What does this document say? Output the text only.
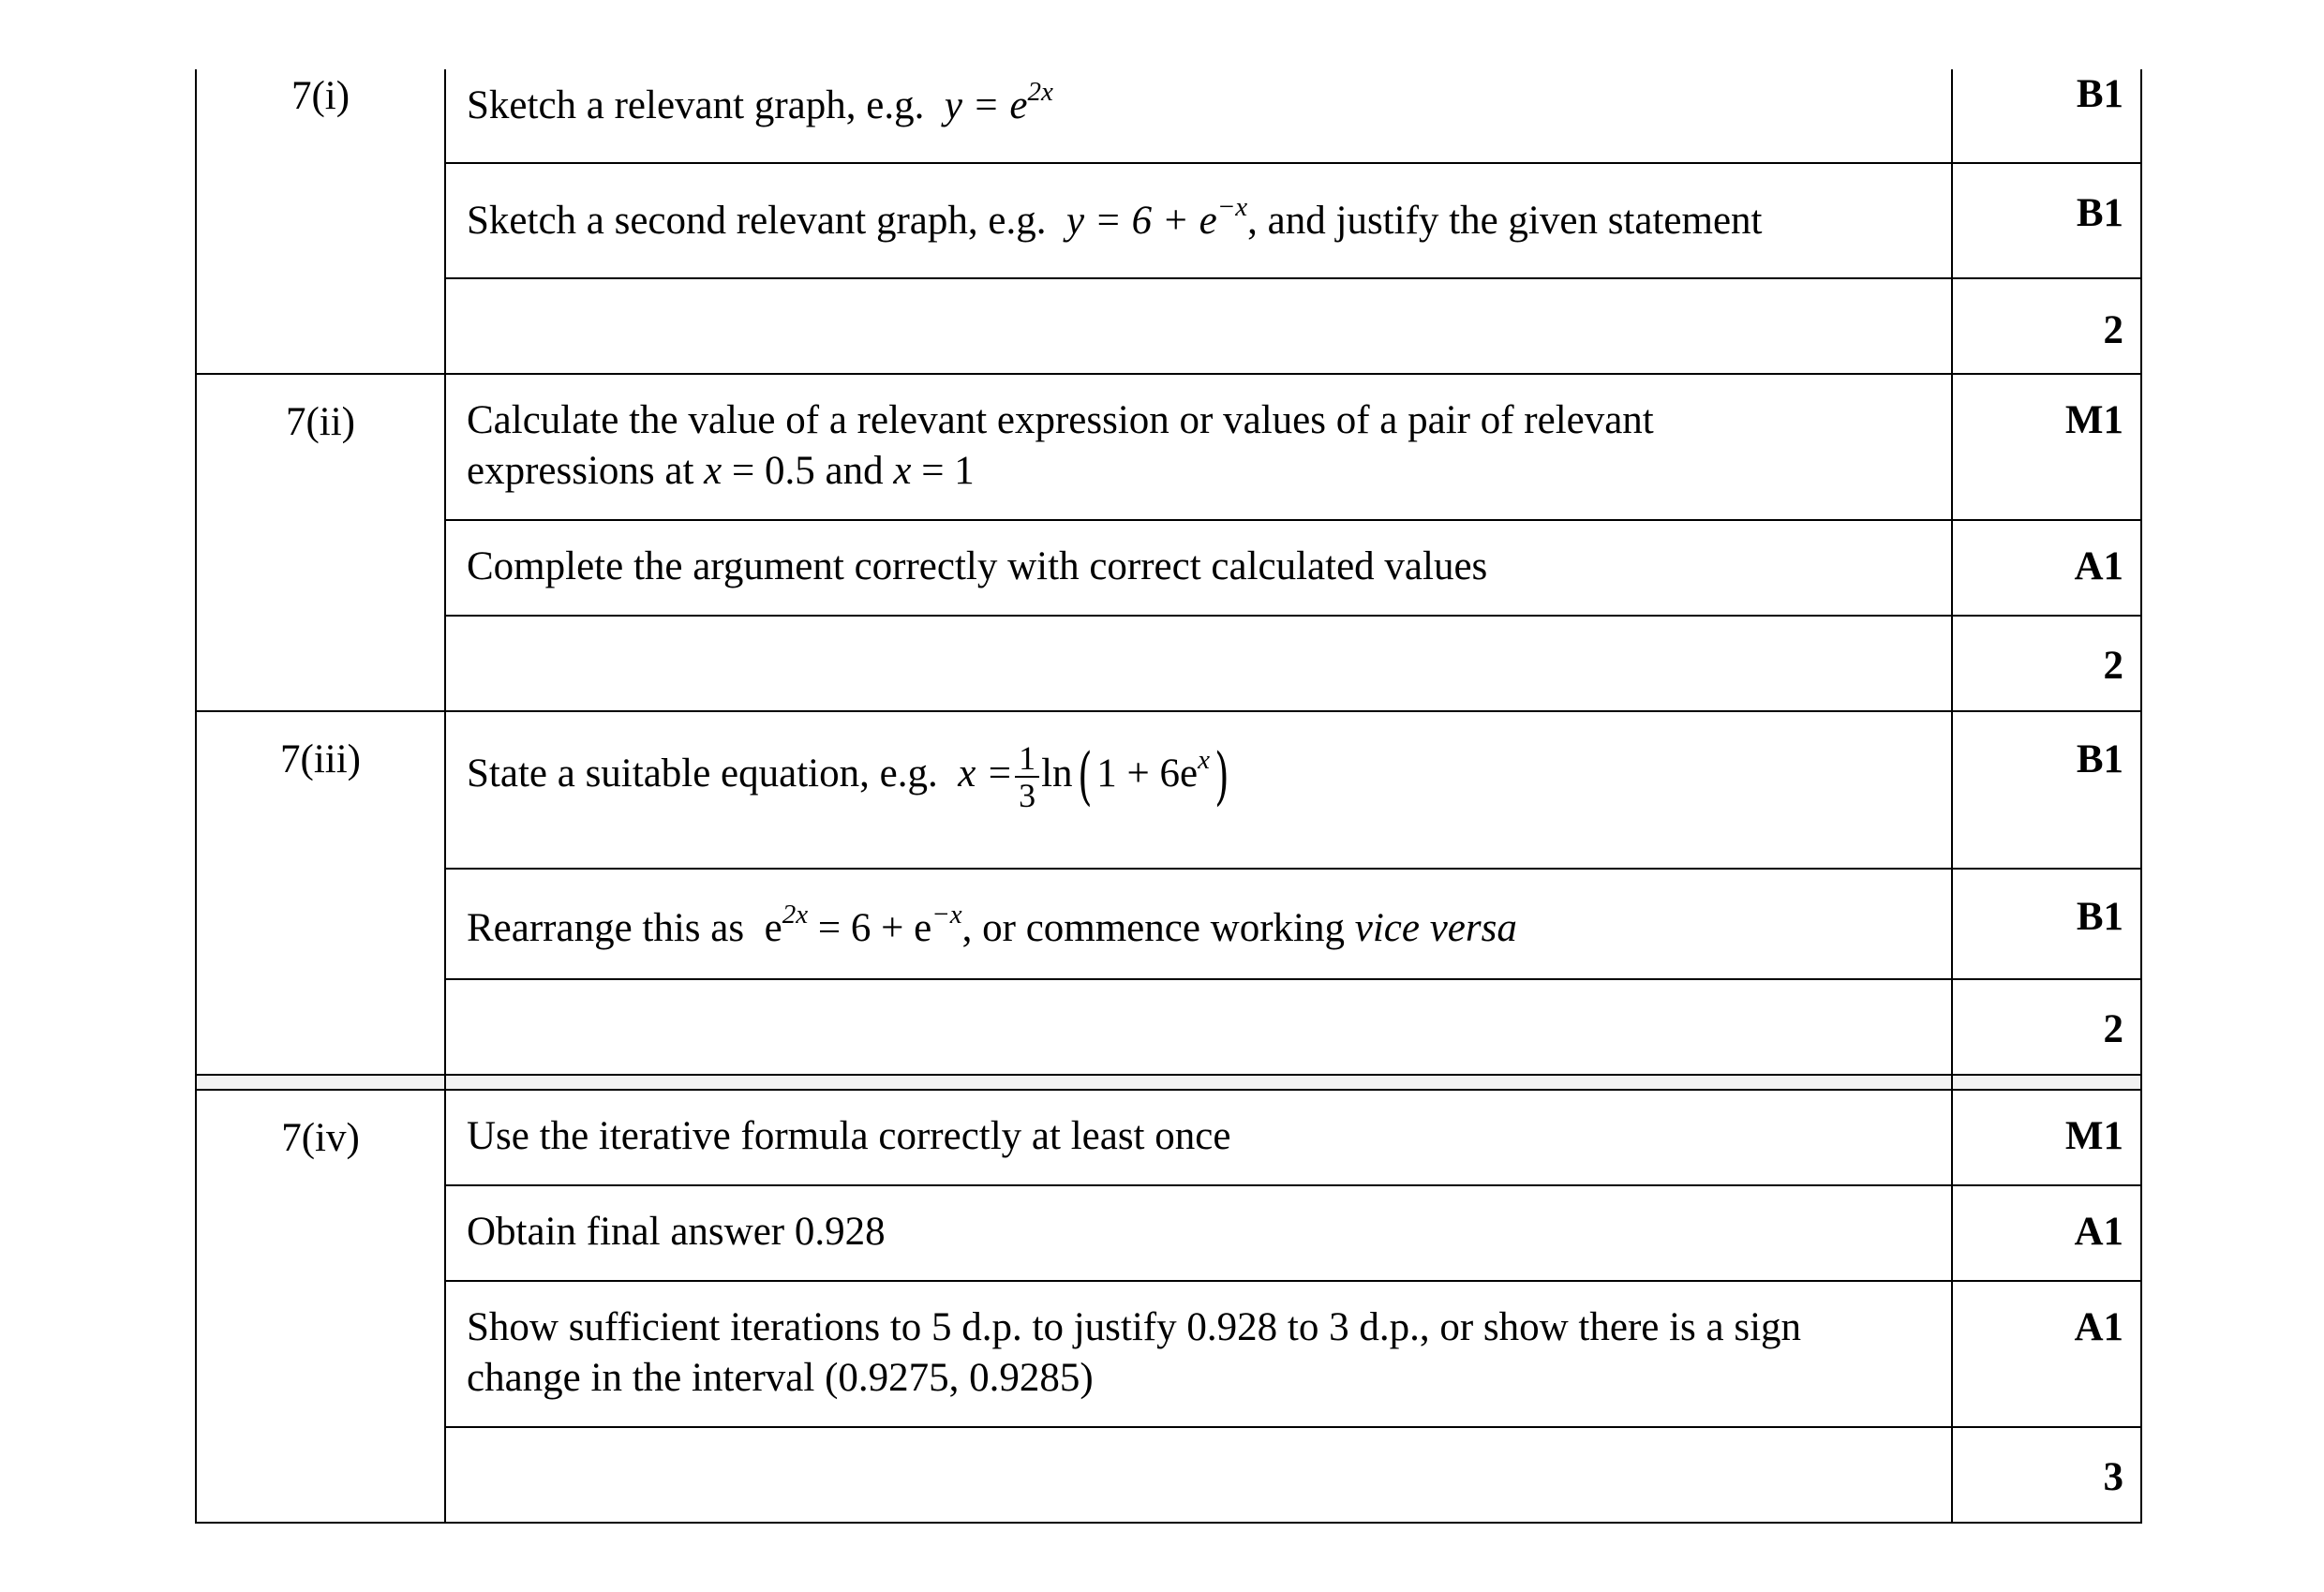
7(i)	Sketch a relevant graph, e.g. $y = e^{2x}$	B1
	Sketch a second relevant graph, e.g. $y = 6 + e^{-x}$, and justify the given statement	B1
		2
7(ii)	Calculate the value of a relevant expression or values of a pair of relevant
expressions at x = 0.5 and x = 1	M1
	Complete the argument correctly with correct calculated values	A1
		2
7(iii)	State a suitable equation, e.g. $x = \frac{1}{3} \ln$( $1 + 6e^x$)	B1
	Rearrange this as $e^{2x} = 6 + e^{-x}$, or commence working vice versa	B1
		2

7(iv)	Use the iterative formula correctly at least once	M1
	Obtain final answer 0.928	A1

	Show sufficient iterations to 5 d.p. to justify 0.928 to 3 d.p., or show there is a sign
change in the interval (0.9275, 0.9285)	A1
		3
